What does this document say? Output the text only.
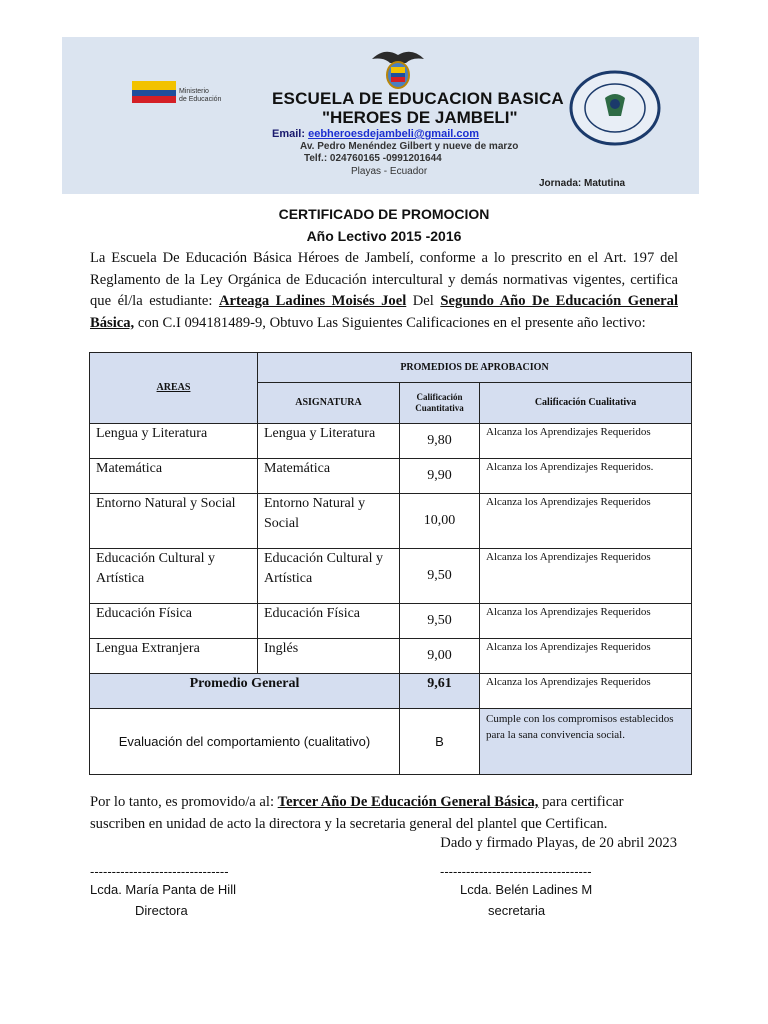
Ministerio
de Educación	ESCUELA DE EDUCACION BASICA
"HEROES DE JAMBELI"
Email: eebheroesdejambeli@gmail.com
Av. Pedro Menéndez Gilbert y nueve de marzo
Telf.: 024760165 -0991201644
Playas - Ecuador
Jornada: Matutina
CERTIFICADO DE PROMOCION
Año Lectivo 2015 -2016
La Escuela De Educación Básica Héroes de Jambelí, conforme a lo prescrito en el Art. 197 del Reglamento de la Ley Orgánica de Educación intercultural y demás normativas vigentes, certifica que él/la estudiante: Arteaga Ladines Moisés Joel Del Segundo Año De Educación General Básica, con C.I 094181489-9, Obtuvo Las Siguientes Calificaciones en el presente año lectivo:
AREAS	PROMEDIOS DE APROBACION		
	ASIGNATURA	Calificación Cuantitativa	Calificación Cualitativa
Lengua y Literatura	Lengua y Literatura	9,80	Alcanza los Aprendizajes Requeridos
Matemática	Matemática	9,90	Alcanza los Aprendizajes Requeridos.
Entorno Natural y Social	Entorno Natural y Social	10,00	Alcanza los Aprendizajes Requeridos
Educación Cultural y Artística	Educación Cultural y Artística	9,50	Alcanza los Aprendizajes Requeridos
Educación Física	Educación Física	9,50	Alcanza los Aprendizajes Requeridos
Lengua Extranjera	Inglés	9,00	Alcanza los Aprendizajes Requeridos
Promedio General		9,61	Alcanza los Aprendizajes Requeridos
Evaluación del comportamiento (cualitativo)		B	Cumple con los compromisos establecidos para la sana convivencia social.
Por lo tanto, es promovido/a al: Tercer Año De Educación General Básica, para certificar suscriben en unidad de acto la directora y la secretaria general del plantel que Certifican.
Dado y firmado Playas, de 20 abril 2023
--------------------------------	-----------------------------------
Lcda. María Panta de Hill
Directora
Lcda. Belén Ladines M
secretaria
